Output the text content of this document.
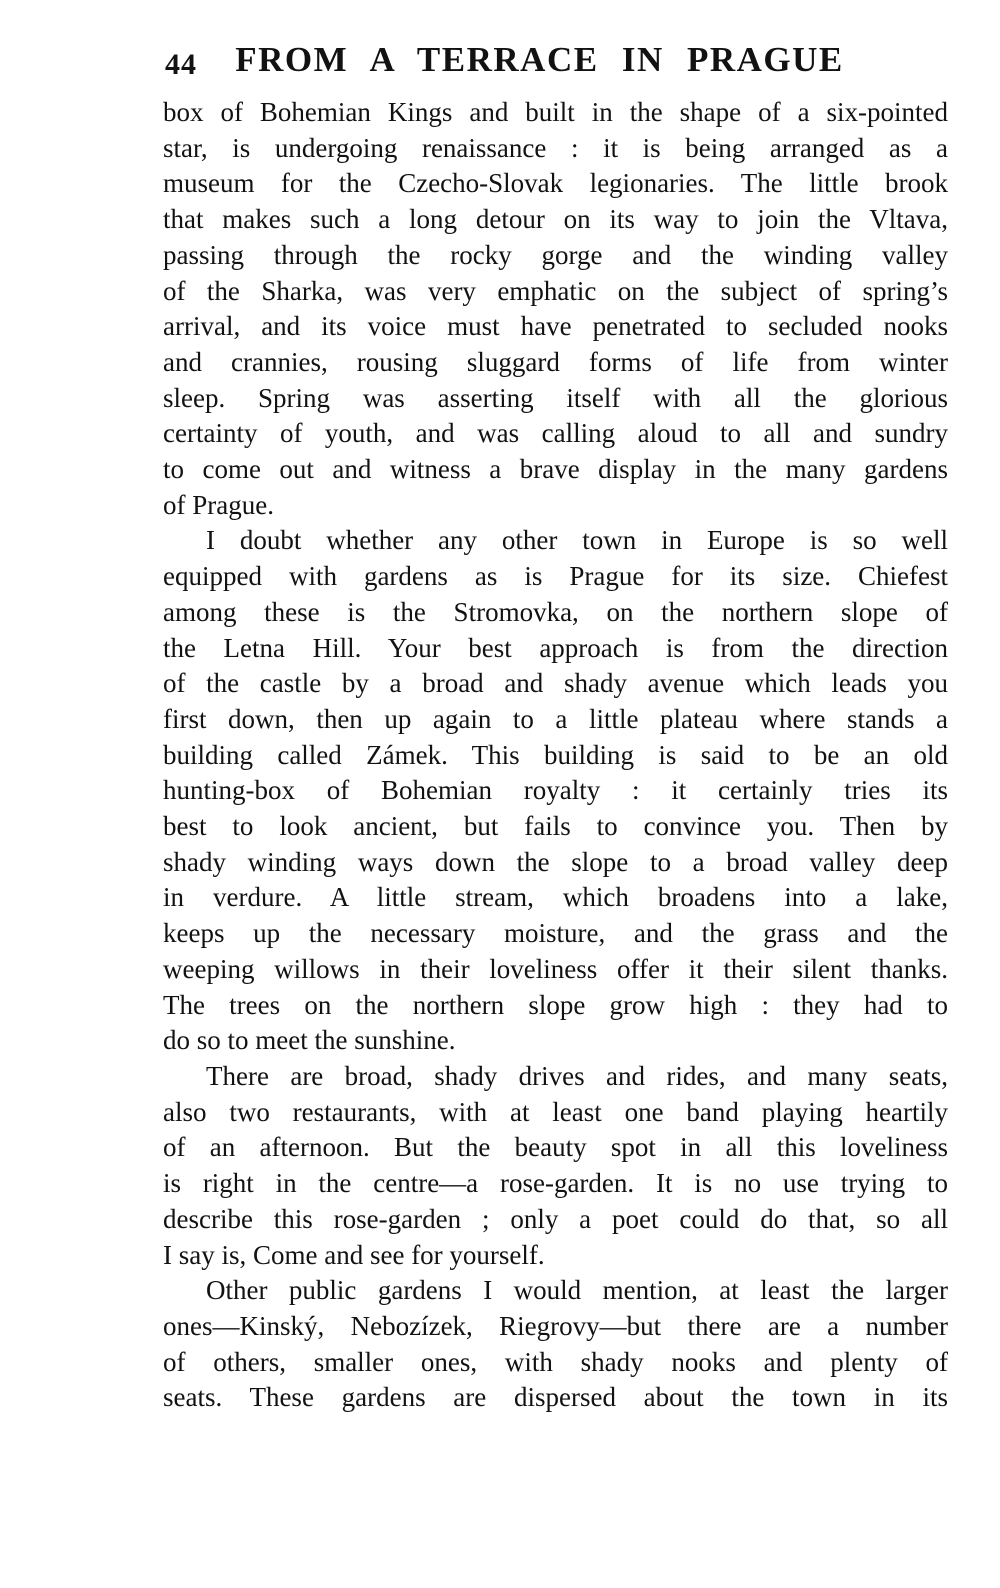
44	FROM A TERRACE IN PRAGUE
box of Bohemian Kings and built in the shape of a six-pointed
star, is undergoing renaissance : it is being arranged as a
museum for the Czecho-Slovak legionaries. The little brook
that makes such a long detour on its way to join the Vltava,
passing through the rocky gorge and the winding valley
of the Sharka, was very emphatic on the subject of spring’s
arrival, and its voice must have penetrated to secluded nooks
and crannies, rousing sluggard forms of life from winter
sleep. Spring was asserting itself with all the glorious
certainty of youth, and was calling aloud to all and sundry
to come out and witness a brave display in the many gardens
of Prague.
I doubt whether any other town in Europe is so well
equipped with gardens as is Prague for its size. Chiefest
among these is the Stromovka, on the northern slope of
the Letna Hill. Your best approach is from the direction
of the castle by a broad and shady avenue which leads you
first down, then up again to a little plateau where stands a
building called Zámek. This building is said to be an old
hunting-box of Bohemian royalty : it certainly tries its
best to look ancient, but fails to convince you. Then by
shady winding ways down the slope to a broad valley deep
in verdure. A little stream, which broadens into a lake,
keeps up the necessary moisture, and the grass and the
weeping willows in their loveliness offer it their silent thanks.
The trees on the northern slope grow high : they had to
do so to meet the sunshine.
There are broad, shady drives and rides, and many seats,
also two restaurants, with at least one band playing heartily
of an afternoon. But the beauty spot in all this loveliness
is right in the centre—a rose-garden. It is no use trying to
describe this rose-garden ; only a poet could do that, so all
I say is, Come and see for yourself.
Other public gardens I would mention, at least the larger
ones—Kinský, Nebozízek, Riegrovy—but there are a number
of others, smaller ones, with shady nooks and plenty of
seats. These gardens are dispersed about the town in its
